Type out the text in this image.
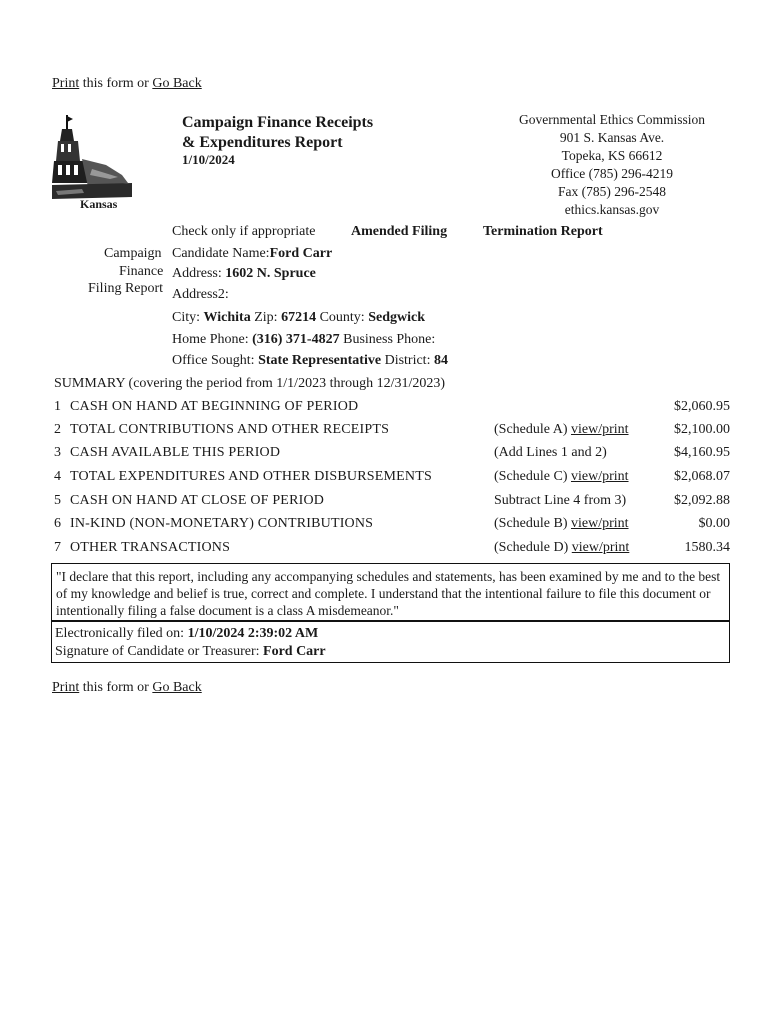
Print this form or Go Back
Kansas
Campaign Finance Receipts
& Expenditures Report
1/10/2024
Governmental Ethics Commission
901 S. Kansas Ave.
Topeka, KS 66612
Office (785) 296-4219
Fax (785) 296-2548
ethics.kansas.gov
Campaign
Finance
Filing Report
Check only if appropriate	Amended Filing	Termination Report
Candidate Name:Ford Carr
Address: 1602 N. Spruce
Address2:
City: Wichita Zip: 67214 County: Sedgwick
Home Phone: (316) 371-4827 Business Phone:
Office Sought: State Representative District: 84
SUMMARY (covering the period from 1/1/2023 through 12/31/2023)
1 CASH ON HAND AT BEGINNING OF PERIOD	$2,060.95
2 TOTAL CONTRIBUTIONS AND OTHER RECEIPTS	(Schedule A) view/print	$2,100.00
3 CASH AVAILABLE THIS PERIOD	(Add Lines 1 and 2)	$4,160.95
4 TOTAL EXPENDITURES AND OTHER DISBURSEMENTS	(Schedule C) view/print	$2,068.07
5 CASH ON HAND AT CLOSE OF PERIOD	Subtract Line 4 from 3)	$2,092.88
6 IN-KIND (NON-MONETARY) CONTRIBUTIONS	(Schedule B) view/print	$0.00
7 OTHER TRANSACTIONS	(Schedule D) view/print	1580.34
"I declare that this report, including any accompanying schedules and statements, has been examined by me and to the best of my knowledge and belief is true, correct and complete. I understand that the intentional failure to file this document or intentionally filing a false document is a class A misdemeanor."
Electronically filed on: 1/10/2024 2:39:02 AM
Signature of Candidate or Treasurer: Ford Carr
Print this form or Go Back
